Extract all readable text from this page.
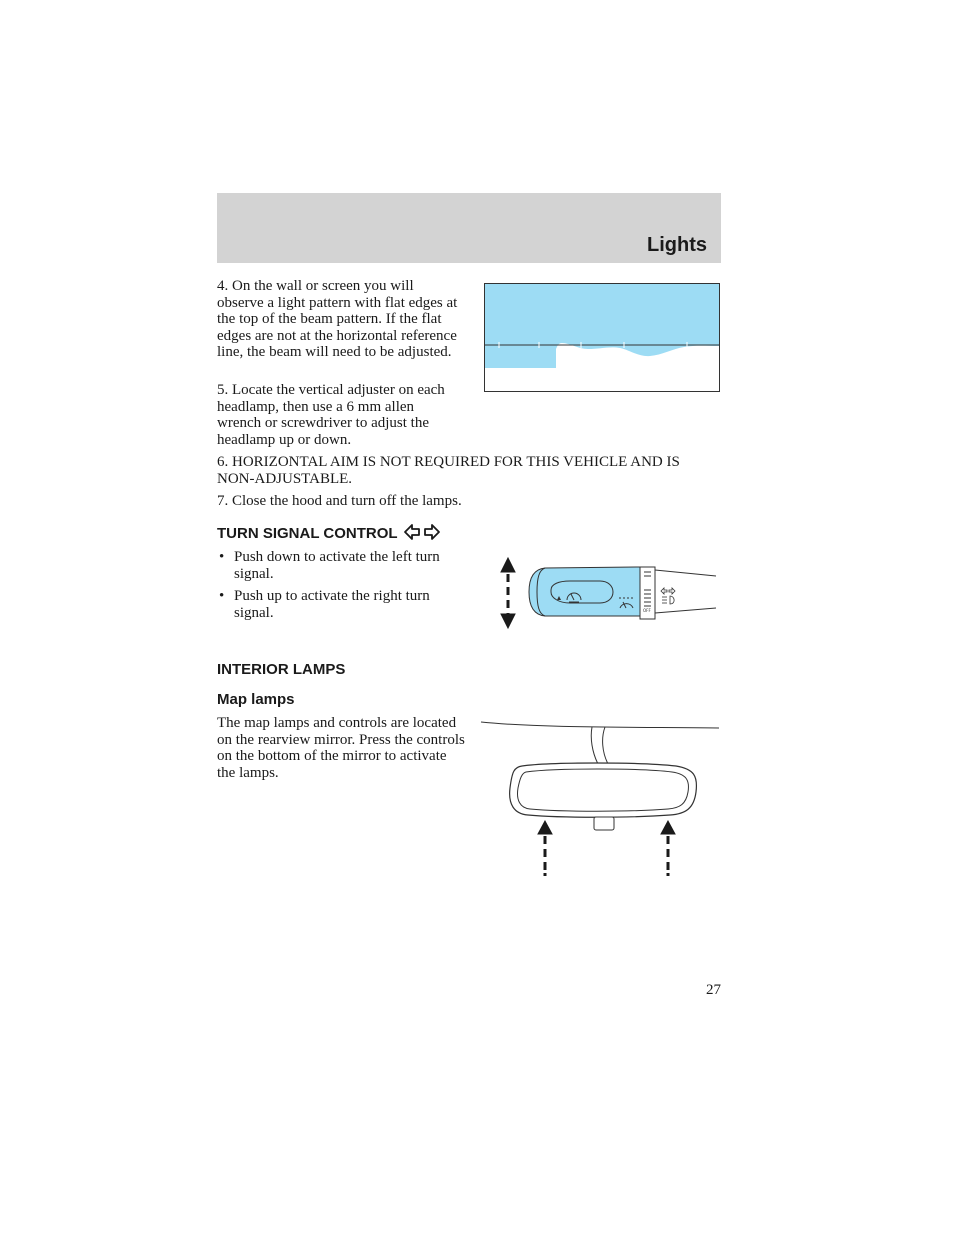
Lights
4. On the wall or screen you will observe a light pattern with flat edges at the top of the beam pattern. If the flat edges are not at the horizontal reference line, the beam will need to be adjusted.
5. Locate the vertical adjuster on each headlamp, then use a 6 mm allen wrench or screwdriver to adjust the headlamp up or down.
6. HORIZONTAL AIM IS NOT REQUIRED FOR THIS VEHICLE AND IS NON-ADJUSTABLE.
7. Close the hood and turn off the lamps.
TURN SIGNAL CONTROL
• Push down to activate the left turn signal.
• Push up to activate the right turn signal.	OFF
INTERIOR LAMPS
Map lamps
The map lamps and controls are located on the rearview mirror. Press the controls on the bottom of the mirror to activate the lamps.
27
